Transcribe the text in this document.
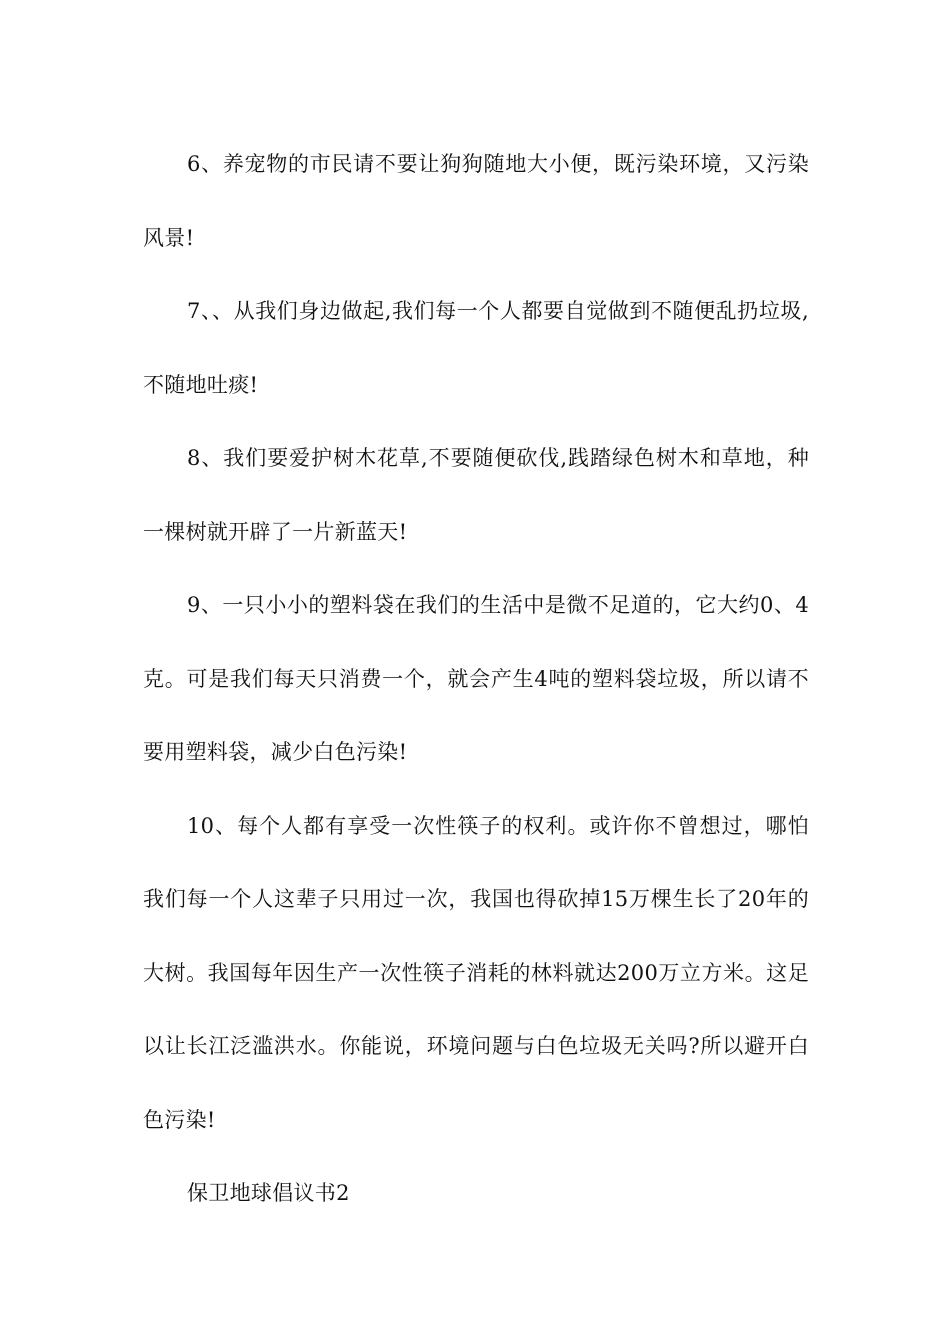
6、养宠物的市民请不要让狗狗随地大小便，既污染环境，又污染风景!

7、、从我们身边做起,我们每一个人都要自觉做到不随便乱扔垃圾,不随地吐痰!

8、我们要爱护树木花草,不要随便砍伐,践踏绿色树木和草地，种一棵树就开辟了一片新蓝天!

9、一只小小的塑料袋在我们的生活中是微不足道的，它大约0、4克。可是我们每天只消费一个，就会产生4吨的塑料袋垃圾，所以请不要用塑料袋，减少白色污染!

10、每个人都有享受一次性筷子的权利。或许你不曾想过，哪怕我们每一个人这辈子只用过一次，我国也得砍掉15万棵生长了20年的大树。我国每年因生产一次性筷子消耗的林料就达200万立方米。这足以让长江泛滥洪水。你能说，环境问题与白色垃圾无关吗?所以避开白色污染!

保卫地球倡议书2
